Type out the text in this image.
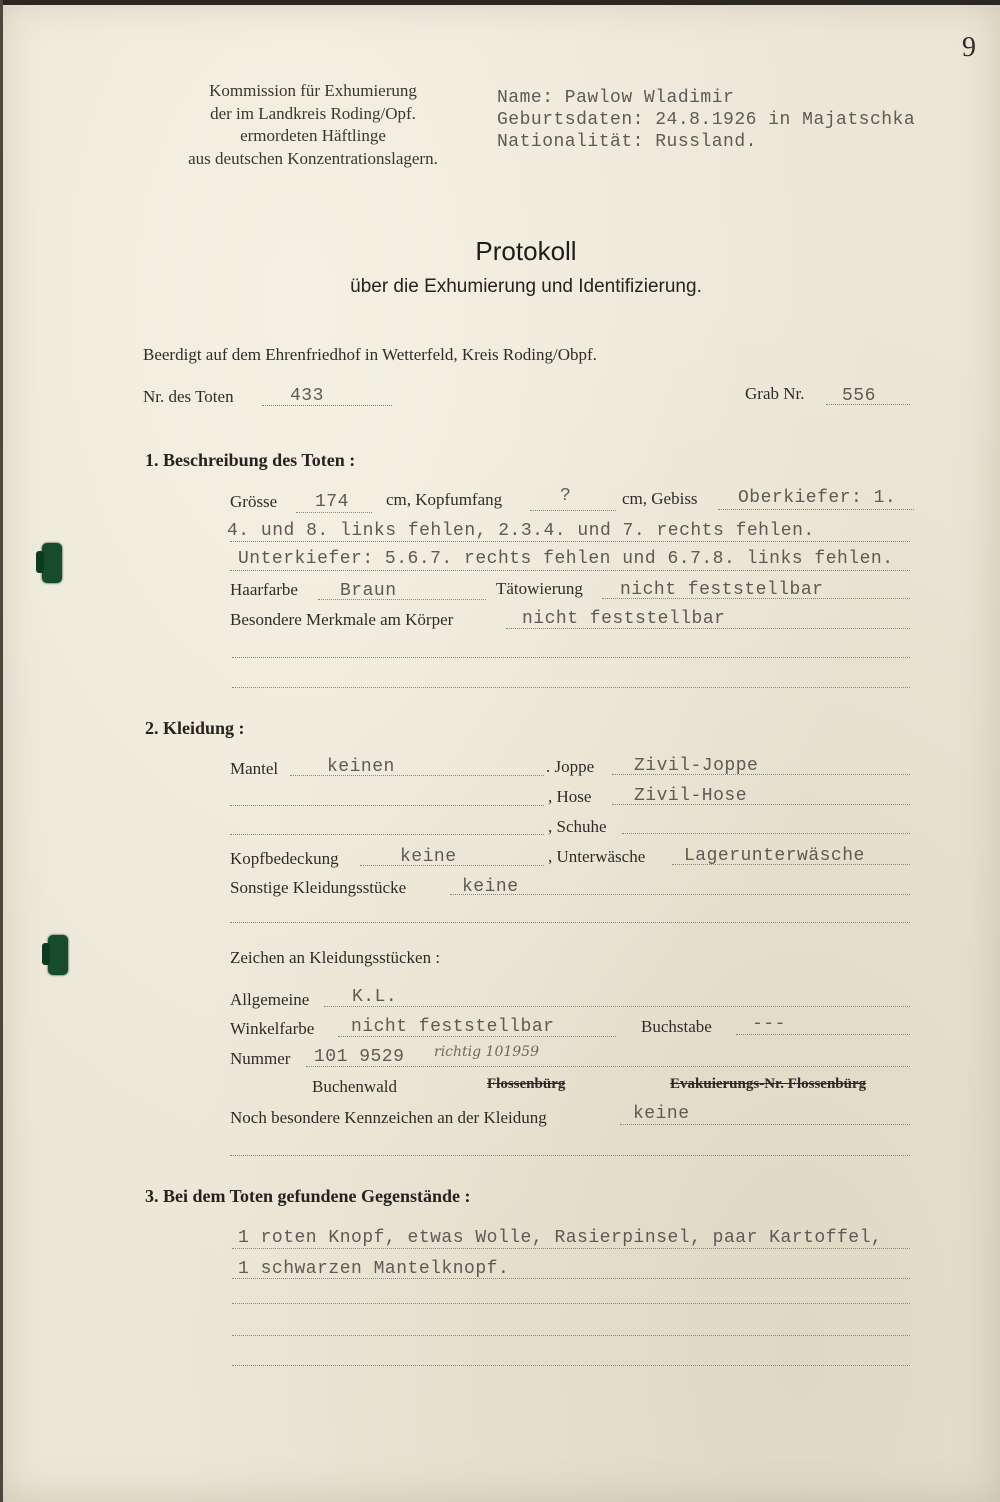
9
Kommission für Exhumierung
der im Landkreis Roding/Opf.
ermordeten Häftlinge
aus deutschen Konzentrationslagern.
Name: Pawlow Wladimir
Geburtsdaten: 24.8.1926 in Majatschka
Nationalität: Russland.
Protokoll
über die Exhumierung und Identifizierung.
Beerdigt auf dem Ehrenfriedhof in Wetterfeld, Kreis Roding/Obpf.
Nr. des Toten	433	Grab Nr. 556
1. Beschreibung des Toten :
Grösse 174 cm, Kopfumfang	?	cm, Gebiss Oberkiefer: 1.
4. und 8. links fehlen, 2.3.4. und 7. rechts fehlen.
Unterkiefer: 5.6.7. rechts fehlen und 6.7.8. links fehlen.
Haarfarbe Braun	Tätowierung nicht feststellbar
Besondere Merkmale am Körper	nicht feststellbar
2. Kleidung :
Mantel	keinen	. Joppe Zivil-Joppe
, Hose Zivil-Hose
, Schuhe
Kopfbedeckung	keine	, Unterwäsche Lagerunterwäsche
Sonstige Kleidungsstücke	keine
Zeichen an Kleidungsstücken :
Allgemeine K.L.
Winkelfarbe nicht feststellbar	Buchstabe ---
Nummer 101 9529 richtig 101959
Buchenwald	Flossenbürg	Evakuierungs-Nr. Flossenbürg
Noch besondere Kennzeichen an der Kleidung	keine
3. Bei dem Toten gefundene Gegenstände :
1 roten Knopf, etwas Wolle, Rasierpinsel, paar Kartoffel,
1 schwarzen Mantelknopf.
